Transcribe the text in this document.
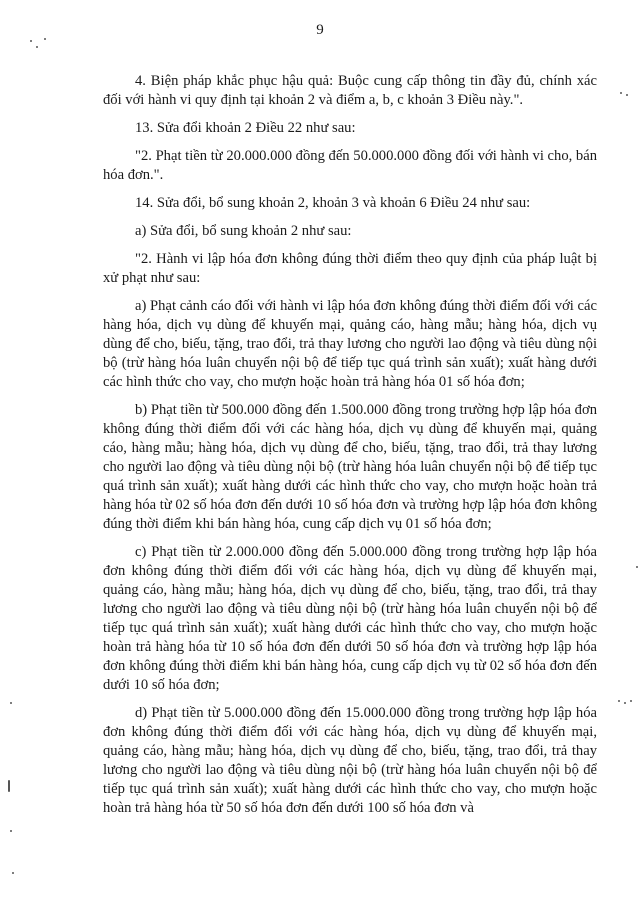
9

4. Biện pháp khắc phục hậu quả: Buộc cung cấp thông tin đầy đủ, chính xác đối với hành vi quy định tại khoản 2 và điểm a, b, c khoản 3 Điều này.".

13. Sửa đổi khoản 2 Điều 22 như sau:

"2. Phạt tiền từ 20.000.000 đồng đến 50.000.000 đồng đối với hành vi cho, bán hóa đơn.".

14. Sửa đổi, bổ sung khoản 2, khoản 3 và khoản 6 Điều 24 như sau:

a) Sửa đổi, bổ sung khoản 2 như sau:

"2. Hành vi lập hóa đơn không đúng thời điểm theo quy định của pháp luật bị xử phạt như sau:

a) Phạt cảnh cáo đối với hành vi lập hóa đơn không đúng thời điểm đối với các hàng hóa, dịch vụ dùng để khuyến mại, quảng cáo, hàng mẫu; hàng hóa, dịch vụ dùng để cho, biếu, tặng, trao đổi, trả thay lương cho người lao động và tiêu dùng nội bộ (trừ hàng hóa luân chuyển nội bộ để tiếp tục quá trình sản xuất); xuất hàng dưới các hình thức cho vay, cho mượn hoặc hoàn trả hàng hóa 01 số hóa đơn;

b) Phạt tiền từ 500.000 đồng đến 1.500.000 đồng trong trường hợp lập hóa đơn không đúng thời điểm đối với các hàng hóa, dịch vụ dùng để khuyến mại, quảng cáo, hàng mẫu; hàng hóa, dịch vụ dùng để cho, biếu, tặng, trao đổi, trả thay lương cho người lao động và tiêu dùng nội bộ (trừ hàng hóa luân chuyển nội bộ để tiếp tục quá trình sản xuất); xuất hàng dưới các hình thức cho vay, cho mượn hoặc hoàn trả hàng hóa từ 02 số hóa đơn đến dưới 10 số hóa đơn và trường hợp lập hóa đơn không đúng thời điểm khi bán hàng hóa, cung cấp dịch vụ 01 số hóa đơn;

c) Phạt tiền từ 2.000.000 đồng đến 5.000.000 đồng trong trường hợp lập hóa đơn không đúng thời điểm đối với các hàng hóa, dịch vụ dùng để khuyến mại, quảng cáo, hàng mẫu; hàng hóa, dịch vụ dùng để cho, biếu, tặng, trao đổi, trả thay lương cho người lao động và tiêu dùng nội bộ (trừ hàng hóa luân chuyển nội bộ để tiếp tục quá trình sản xuất); xuất hàng dưới các hình thức cho vay, cho mượn hoặc hoàn trả hàng hóa từ 10 số hóa đơn đến dưới 50 số hóa đơn và trường hợp lập hóa đơn không đúng thời điểm khi bán hàng hóa, cung cấp dịch vụ từ 02 số hóa đơn đến dưới 10 số hóa đơn;

d) Phạt tiền từ 5.000.000 đồng đến 15.000.000 đồng trong trường hợp lập hóa đơn không đúng thời điểm đối với các hàng hóa, dịch vụ dùng để khuyến mại, quảng cáo, hàng mẫu; hàng hóa, dịch vụ dùng để cho, biếu, tặng, trao đổi, trả thay lương cho người lao động và tiêu dùng nội bộ (trừ hàng hóa luân chuyển nội bộ để tiếp tục quá trình sản xuất); xuất hàng dưới các hình thức cho vay, cho mượn hoặc hoàn trả hàng hóa từ 50 số hóa đơn đến dưới 100 số hóa đơn và
